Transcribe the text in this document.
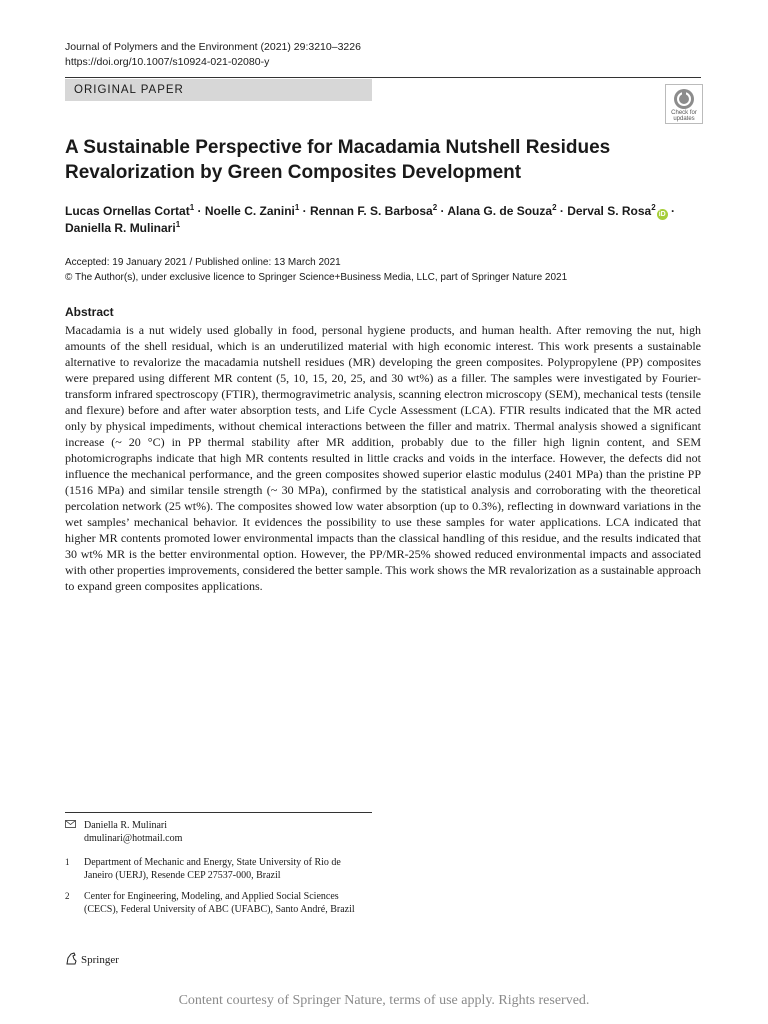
Journal of Polymers and the Environment (2021) 29:3210–3226
https://doi.org/10.1007/s10924-021-02080-y
ORIGINAL PAPER
Check for
updates
A Sustainable Perspective for Macadamia Nutshell Residues
Revalorization by Green Composites Development
Lucas Ornellas Cortat$^1$ · Noelle C. Zanini$^1$ · Rennan F. S. Barbosa$^2$ · Alana G. de Souza$^2$ · Derval S. Rosa$^2$iD ·
Daniella R. Mulinari$^1$
Accepted: 19 January 2021 / Published online: 13 March 2021
© The Author(s), under exclusive licence to Springer Science+Business Media, LLC, part of Springer Nature 2021
Abstract
Macadamia is a nut widely used globally in food, personal hygiene products, and human health. After removing the nut, high amounts of the shell residual, which is an underutilized material with high economic interest. This work presents a sustainable alternative to revalorize the macadamia nutshell residues (MR) developing the green composites. Polypropylene (PP) composites were prepared using different MR content (5, 10, 15, 20, 25, and 30 wt%) as a filler. The samples were investigated by Fourier-transform infrared spectroscopy (FTIR), thermogravimetric analysis, scanning electron microscopy (SEM), mechanical tests (tensile and flexure) before and after water absorption tests, and Life Cycle Assessment (LCA). FTIR results indicated that the MR acted only by physical impediments, without chemical interactions between the filler and matrix. Thermal analysis showed a significant increase (~ 20 °C) in PP thermal stability after MR addition, probably due to the filler high lignin content, and SEM photomicrographs indicate that high MR contents resulted in little cracks and voids in the interface. However, the defects did not influence the mechanical performance, and the green composites showed superior elastic modulus (2401 MPa) than the pristine PP (1516 MPa) and similar tensile strength (~ 30 MPa), confirmed by the statistical analysis and corroborating with the theoretical percolation network (25 wt%). The composites showed low water absorption (up to 0.3%), reflecting in downward variations in the wet samples’ mechanical behavior. It evidences the possibility to use these samples for water applications. LCA indicated that higher MR contents promoted lower environmental impacts than the classical handling of this residue, and the results indicated that 30 wt% MR is the better environmental option. However, the PP/MR-25% showed reduced environmental impacts and associated with other properties improvements, considered the better sample. This work shows the MR revalorization as a sustainable approach to expand green composites applications.
Daniella R. Mulinari
dmulinari@hotmail.com
1 Department of Mechanic and Energy, State University of Rio de Janeiro (UERJ), Resende CEP 27537-000, Brazil
2 Center for Engineering, Modeling, and Applied Social Sciences (CECS), Federal University of ABC (UFABC), Santo André, Brazil
Springer
Content courtesy of Springer Nature, terms of use apply. Rights reserved.
